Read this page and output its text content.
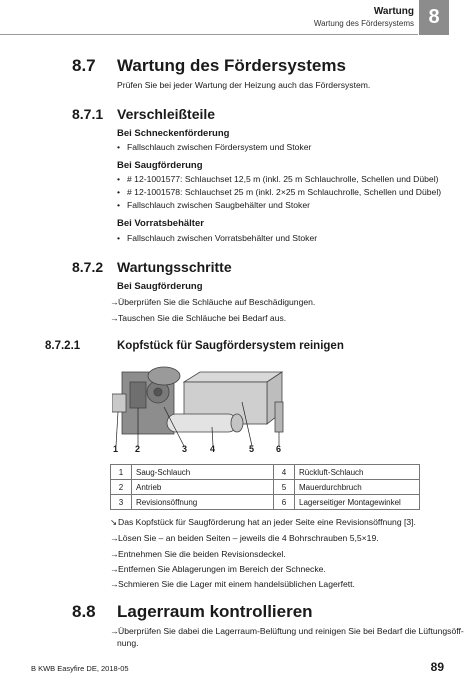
Wartung
Wartung des Fördersystems 8
8.7 Wartung des Fördersystems
Prüfen Sie bei jeder Wartung der Heizung auch das Fördersystem.
8.7.1 Verschleißteile
Bei Schneckenförderung
• Fallschlauch zwischen Fördersystem und Stoker
Bei Saugförderung
• # 12-1001577: Schlauchset 12,5 m (inkl. 25 m Schlauchrolle, Schellen und Dübel)
• # 12-1001578: Schlauchset 25 m (inkl. 2×25 m Schlauchrolle, Schellen und Dübel)
• Fallschlauch zwischen Saugbehälter und Stoker
Bei Vorratsbehälter
• Fallschlauch zwischen Vorratsbehälter und Stoker
8.7.2 Wartungsschritte
Bei Saugförderung
→Überprüfen Sie die Schläuche auf Beschädigungen.
→Tauschen Sie die Schläuche bei Bedarf aus.
8.7.2.1	Kopfstück für Saugfördersystem reinigen
1 2	3	4	5 6
1	Saug-Schlauch	4	Rückluft-Schlauch
2	Antrieb	5	Mauerdurchbruch
3	Revisionsöffnung	6	Lagerseitiger Montagewinkel
↘Das Kopfstück für Saugförderung hat an jeder Seite eine Revisionsöffnung [3].
→Lösen Sie – an beiden Seiten – jeweils die 4 Bohrschrauben 5,5×19.
→Entnehmen Sie die beiden Revisionsdeckel.
→Entfernen Sie Ablagerungen im Bereich der Schnecke.
→Schmieren Sie die Lager mit einem handelsüblichen Lagerfett.
8.8 Lagerraum kontrollieren
→Überprüfen Sie dabei die Lagerraum-Belüftung und reinigen Sie bei Bedarf die Lüftungsöff-
nung.
B KWB Easyfire DE, 2018-05	89
